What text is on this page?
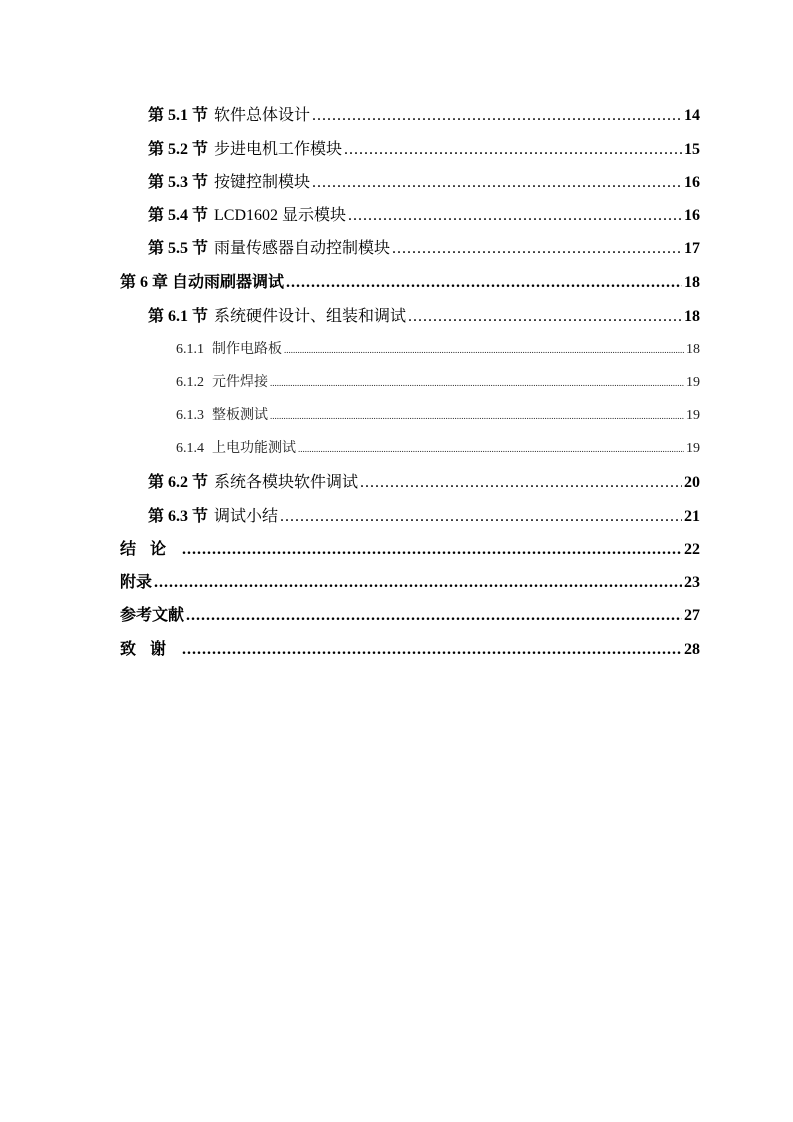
第 5.1 节 软件总体设计 .....	14
第 5.2 节 步进电机工作模块 .....	15
第 5.3 节 按键控制模块 .....	16
第 5.4 节 LCD1602 显示模块 .....	16
第 5.5 节 雨量传感器自动控制模块 .....	17
第 6 章 自动雨刷器调试 .....	18
第 6.1 节 系统硬件设计、组装和调试 .....	18
6.1.1 制作电路板 .....	18
6.1.2 元件焊接 .....	19
6.1.3 整板测试 .....	19
6.1.4 上电功能测试 .....	19
第 6.2 节 系统各模块软件调试 .....	20
第 6.3 节 调试小结 .....	21
结论 .....	22
附录 .....	23
参考文献 .....	27
致谢 .....	28
